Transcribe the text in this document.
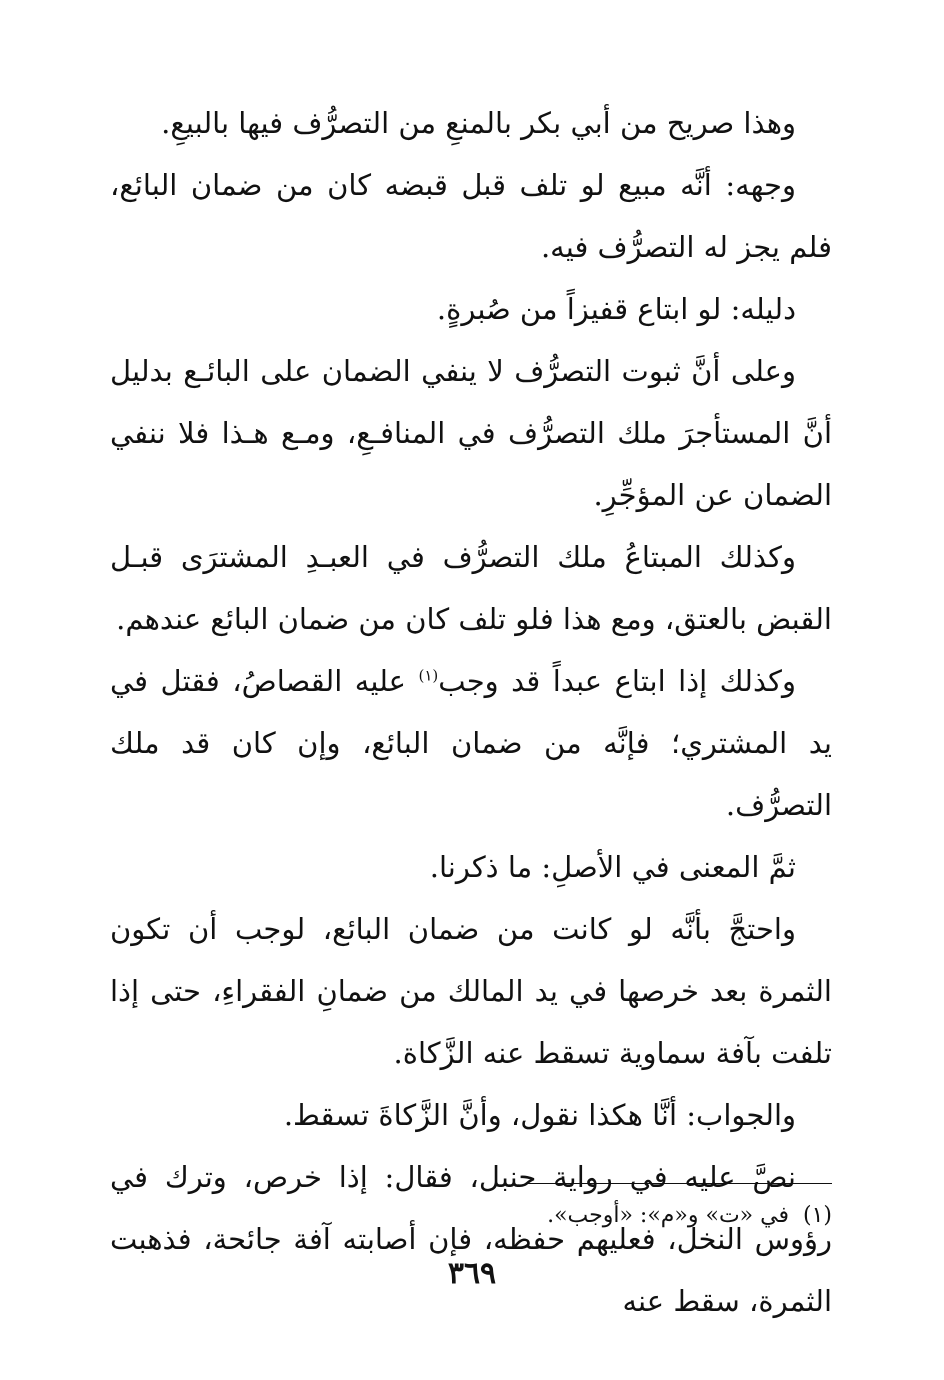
وهذا صريح من أبي بكر بالمنعِ من التصرُّف فيها بالبيعِ.

وجهه: أنَّه مبيع لو تلف قبل قبضه كان من ضمان البائع، فلم يجز له التصرُّف فيه.

دليله: لو ابتاع قفيزاً من صُبرةٍ.

وعلى أنَّ ثبوت التصرُّف لا ينفي الضمان على البائـع بدليل أنَّ المستأجرَ ملك التصرُّف في المنافـعِ، ومـع هـذا فلا ننفي الضمان عن المؤجِّرِ.

وكذلك المبتاعُ ملك التصرُّف في العبـدِ المشترَى قبـل القبض بالعتق، ومع هذا فلو تلف كان من ضمان البائع عندهم.

وكذلك إذا ابتاع عبداً قد وجب$^{(١)}$ عليه القصاصُ، فقتل في يد المشتري؛ فإنَّه من ضمان البائع، وإن كان قد ملك التصرُّف.

ثمَّ المعنى في الأصلِ: ما ذكرنا.

واحتجَّ بأنَّه لو كانت من ضمان البائع، لوجب أن تكون الثمرة بعد خرصها في يد المالك من ضمانِ الفقراءِ، حتى إذا تلفت بآفة سماوية تسقط عنه الزَّكاة.

والجواب: أنَّا هكذا نقول، وأنَّ الزَّكاةَ تسقط.

نصَّ عليه في رواية حنبل، فقال: إذا خرص، وترك في رؤوس النخل، فعليهم حفظه، فإن أصابته آفة جائحة، فذهبت الثمرة، سقط عنه

(١)في «ت» و«م»: «أوجب».
٣٦٩
